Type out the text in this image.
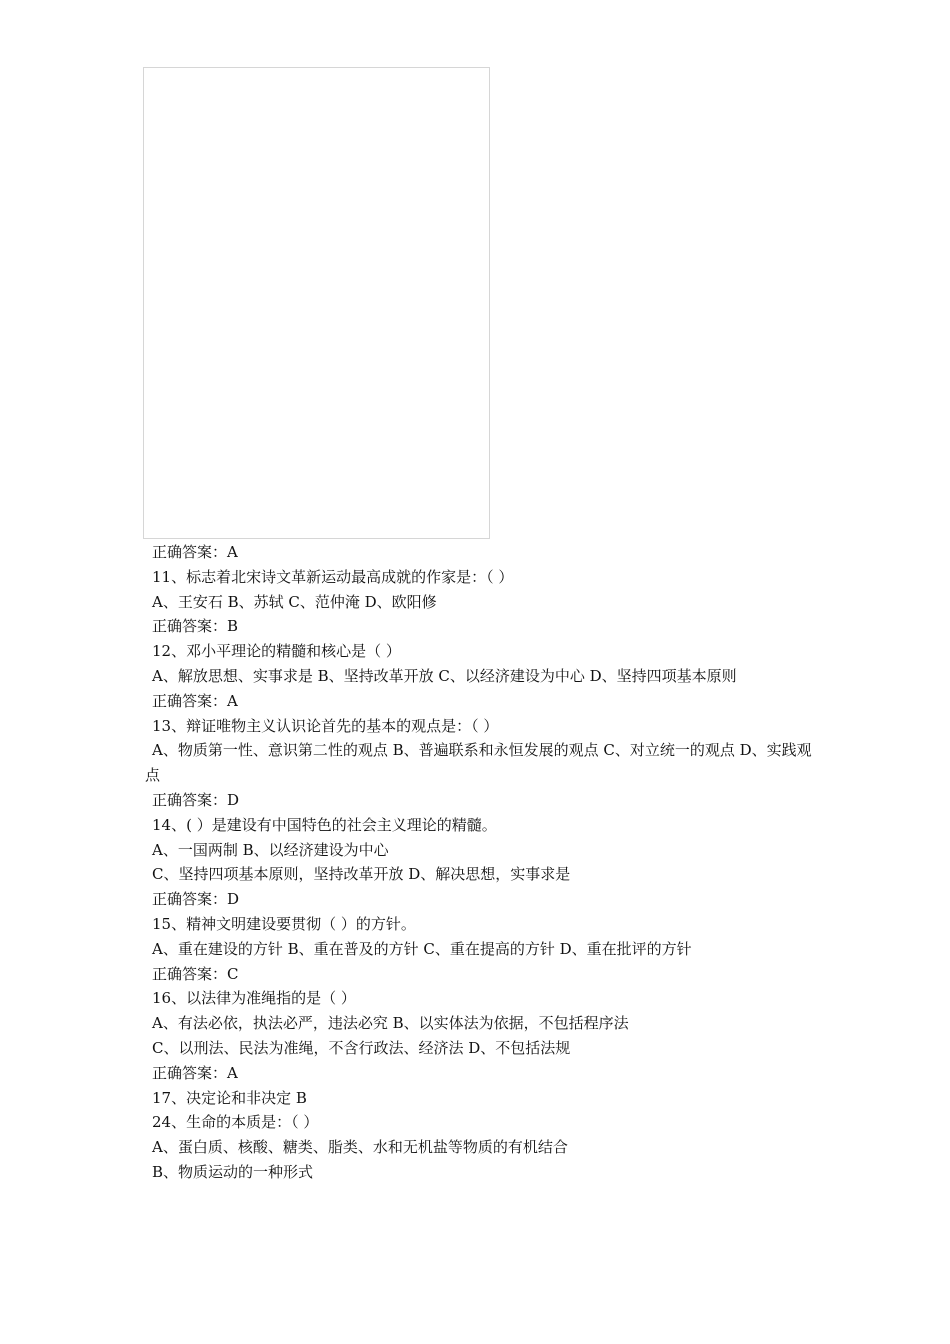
正确答案：A

11、标志着北宋诗文革新运动最高成就的作家是：（ ）

A、王安石 B、苏轼 C、范仲淹 D、欧阳修

正确答案：B

12、邓小平理论的精髓和核心是（ ）

A、解放思想、实事求是 B、坚持改革开放 C、以经济建设为中心 D、坚持四项基本原则

正确答案：A

13、辩证唯物主义认识论首先的基本的观点是：（ ）

A、物质第一性、意识第二性的观点 B、普遍联系和永恒发展的观点 C、对立统一的观点 D、实践观点

正确答案：D

14、( ）是建设有中国特色的社会主义理论的精髓。

A、一国两制 B、以经济建设为中心

C、坚持四项基本原则，坚持改革开放 D、解决思想，实事求是

正确答案：D

15、精神文明建设要贯彻（ ）的方针。

A、重在建设的方针 B、重在普及的方针 C、重在提高的方针 D、重在批评的方针

正确答案：C

16、以法律为准绳指的是（ ）

A、有法必依，执法必严，违法必究 B、以实体法为依据，不包括程序法

C、以刑法、民法为准绳，不含行政法、经济法 D、不包括法规

正确答案：A

17、决定论和非决定 B

24、生命的本质是：（ ）

A、蛋白质、核酸、糖类、脂类、水和无机盐等物质的有机结合

B、物质运动的一种形式
